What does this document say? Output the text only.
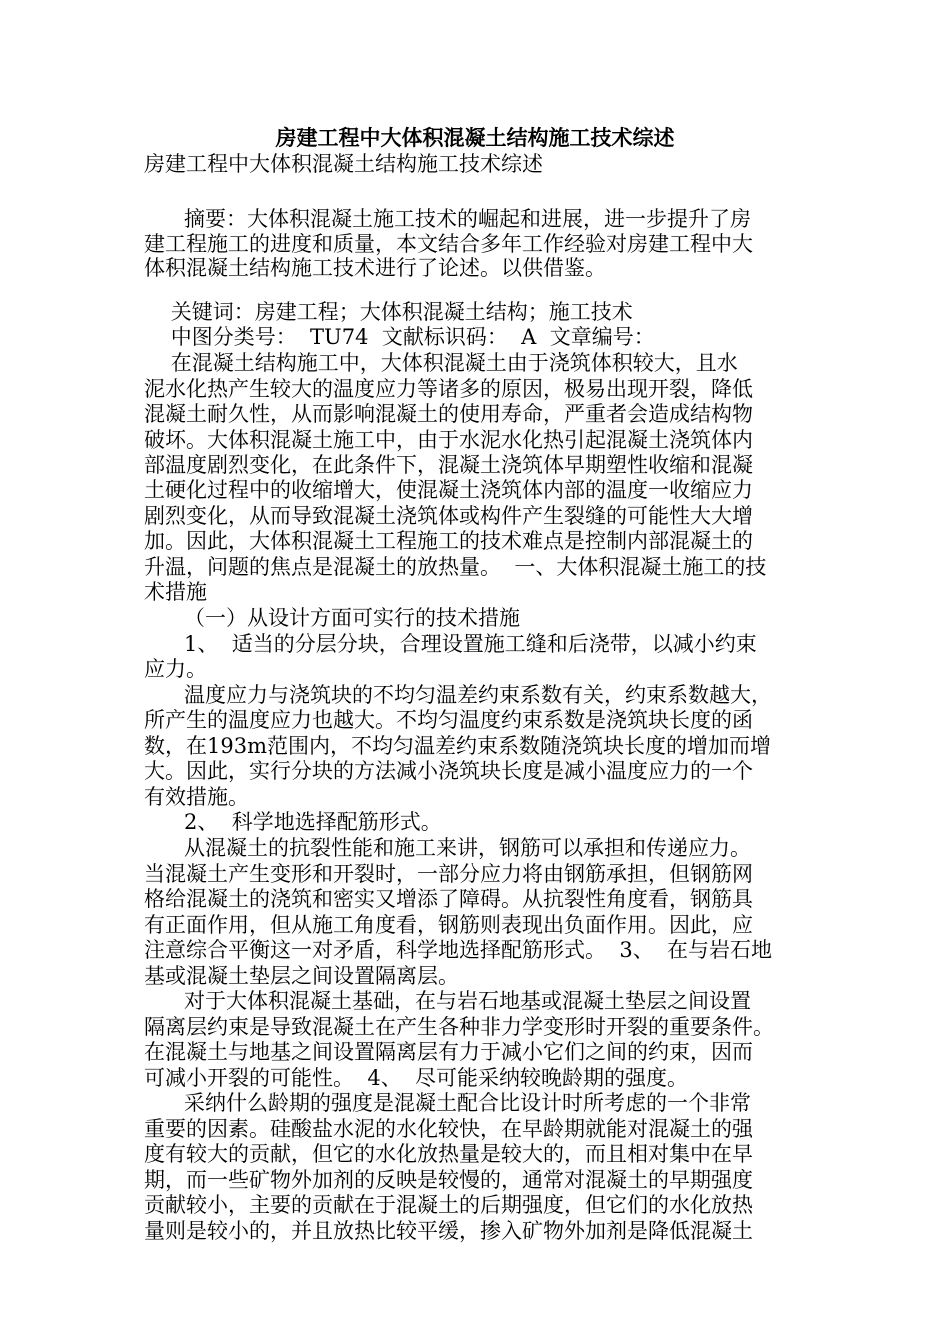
房建工程中大体积混凝土结构施工技术综述
房建工程中大体积混凝土结构施工技术综述
摘要：大体积混凝土施工技术的崛起和进展，进一步提升了房
建工程施工的进度和质量，本文结合多年工作经验对房建工程中大
体积混凝土结构施工技术进行了论述。以供借鉴。
关键词：房建工程；大体积混凝土结构；施工技术
中图分类号：  TU74  文献标识码：  A  文章编号：
在混凝土结构施工中，大体积混凝土由于浇筑体积较大，且水
泥水化热产生较大的温度应力等诸多的原因，极易出现开裂，降低
混凝土耐久性，从而影响混凝土的使用寿命，严重者会造成结构物
破坏。大体积混凝土施工中，由于水泥水化热引起混凝土浇筑体内
部温度剧烈变化，在此条件下，混凝土浇筑体早期塑性收缩和混凝
土硬化过程中的收缩增大，使混凝土浇筑体内部的温度一收缩应力
剧烈变化，从而导致混凝土浇筑体或构件产生裂缝的可能性大大增
加。因此，大体积混凝土工程施工的技术难点是控制内部混凝土的
升温，问题的焦点是混凝土的放热量。  一、大体积混凝土施工的技
术措施
（一）从设计方面可实行的技术措施
1、  适当的分层分块，合理设置施工缝和后浇带，以减小约束
应力。
温度应力与浇筑块的不均匀温差约束系数有关，约束系数越大，
所产生的温度应力也越大。不均匀温度约束系数是浇筑块长度的函
数，在193m范围内，不均匀温差约束系数随浇筑块长度的增加而增
大。因此，实行分块的方法减小浇筑块长度是减小温度应力的一个
有效措施。
2、  科学地选择配筋形式。
从混凝土的抗裂性能和施工来讲，钢筋可以承担和传递应力。
当混凝土产生变形和开裂时，一部分应力将由钢筋承担，但钢筋网
格给混凝土的浇筑和密实又增添了障碍。从抗裂性角度看，钢筋具
有正面作用，但从施工角度看，钢筋则表现出负面作用。因此，应
注意综合平衡这一对矛盾，科学地选择配筋形式。  3、  在与岩石地
基或混凝土垫层之间设置隔离层。
对于大体积混凝土基础，在与岩石地基或混凝土垫层之间设置
隔离层约束是导致混凝土在产生各种非力学变形时开裂的重要条件。
在混凝土与地基之间设置隔离层有力于减小它们之间的约束，因而
可减小开裂的可能性。  4、  尽可能采纳较晚龄期的强度。
采纳什么龄期的强度是混凝土配合比设计时所考虑的一个非常
重要的因素。硅酸盐水泥的水化较快，在早龄期就能对混凝土的强
度有较大的贡献，但它的水化放热量是较大的，而且相对集中在早
期，而一些矿物外加剂的反映是较慢的，通常对混凝土的早期强度
贡献较小，主要的贡献在于混凝土的后期强度，但它们的水化放热
量则是较小的，并且放热比较平缓，掺入矿物外加剂是降低混凝土
